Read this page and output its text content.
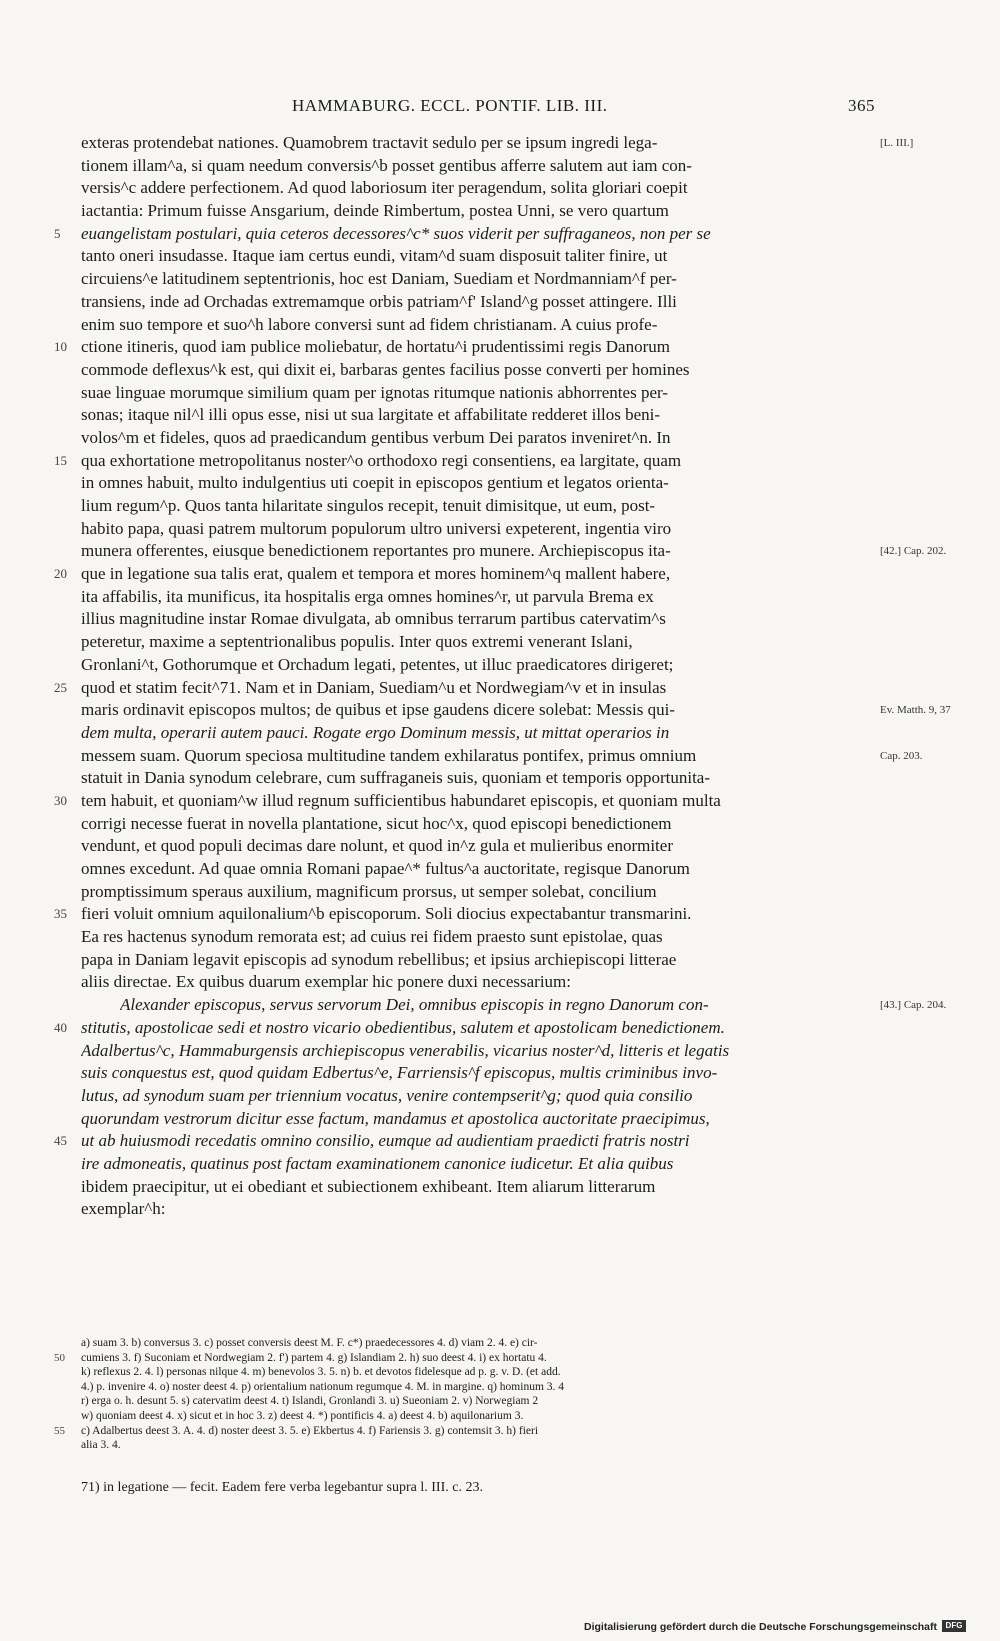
HAMMABURG. ECCL. PONTIF. LIB. III.	365
exteras protendebat nationes. Quamobrem tractavit sedulo per se ipsum ingredi lega-	[L. III.]
tionem illam^a, si quam needum conversis^b posset gentibus afferre salutem aut iam con-
versis^c addere perfectionem. Ad quod laboriosum iter peragendum, solita gloriari coepit
iactantia: Primum fuisse Ansgarium, deinde Rimbertum, postea Unni, se vero quartum
5	euangelistam postulari, quia ceteros decessores^c* suos viderit per suffraganeos, non per se
tanto oneri insudasse. Itaque iam certus eundi, vitam^d suam disposuit taliter finire, ut
circuiens^e latitudinem septentrionis, hoc est Daniam, Suediam et Nordmanniam^f per-
transiens, inde ad Orchadas extremamque orbis patriam^f' Island^g posset attingere. Illi
enim suo tempore et suo^h labore conversi sunt ad fidem christianam. A cuius profe-
10 ctione itineris, quod iam publice moliebatur, de hortatu^i prudentissimi regis Danorum
commode deflexus^k est, qui dixit ei, barbaras gentes facilius posse converti per homines
suae linguae morumque similium quam per ignotas ritumque nationis abhorrentes per-
sonas; itaque nil^l illi opus esse, nisi ut sua largitate et affabilitate redderet illos beni-
volos^m et fideles, quos ad praedicandum gentibus verbum Dei paratos inveniret^n. In
15 qua exhortatione metropolitanus noster^o orthodoxo regi consentiens, ea largitate, quam
in omnes habuit, multo indulgentius uti coepit in episcopos gentium et legatos orienta-
lium regum^p. Quos tanta hilaritate singulos recepit, tenuit dimisitque, ut eum, post-
habito papa, quasi patrem multorum populorum ultro universi expeterent, ingentia viro
munera offerentes, eiusque benedictionem reportantes pro munere. Archiepiscopus ita-	[42.] Cap. 202.
20 que in legatione sua talis erat, qualem et tempora et mores hominem^q mallent habere,
ita affabilis, ita munificus, ita hospitalis erga omnes homines^r, ut parvula Brema ex
illius magnitudine instar Romae divulgata, ab omnibus terrarum partibus catervatim^s
peteretur, maxime a septentrionalibus populis. Inter quos extremi venerant Islani,
Gronlani^t, Gothorumque et Orchadum legati, petentes, ut illuc praedicatores dirigeret;
25 quod et statim fecit^71. Nam et in Daniam, Suediam^u et Nordwegiam^v et in insulas
maris ordinavit episcopos multos; de quibus et ipse gaudens dicere solebat: Messis qui-	Ev. Matth. 9, 37
dem multa, operarii autem pauci. Rogate ergo Dominum messis, ut mittat operarios in
messem suam. Quorum speciosa multitudine tandem exhilaratus pontifex, primus omnium	Cap. 203.
statuit in Dania synodum celebrare, cum suffraganeis suis, quoniam et temporis opportunita-
30 tem habuit, et quoniam^w illud regnum sufficientibus habundaret episcopis, et quoniam multa
corrigi necesse fuerat in novella plantatione, sicut hoc^x, quod episcopi benedictionem
vendunt, et quod populi decimas dare nolunt, et quod in^z gula et mulieribus enormiter
omnes excedunt. Ad quae omnia Romani papae^* fultus^a auctoritate, regisque Danorum
promptissimum speraus auxilium, magnificum prorsus, ut semper solebat, concilium
35 fieri voluit omnium aquilonalium^b episcoporum. Soli diocius expectabantur transmarini.
Ea res hactenus synodum remorata est; ad cuius rei fidem praesto sunt epistolae, quas
papa in Daniam legavit episcopis ad synodum rebellibus; et ipsius archiepiscopi litterae
aliis directae. Ex quibus duarum exemplar hic ponere duxi necessarium:
Alexander episcopus, servus servorum Dei, omnibus episcopis in regno Danorum con-	[43.] Cap. 204.
40 stitutis, apostolicae sedi et nostro vicario obedientibus, salutem et apostolicam benedictionem.
Adalbertus^c, Hammaburgensis archiepiscopus venerabilis, vicarius noster^d, litteris et legatis
suis conquestus est, quod quidam Edbertus^e, Farriensis^f episcopus, multis criminibus invo-
lutus, ad synodum suam per triennium vocatus, venire contempserit^g; quod quia consilio
quorundam vestrorum dicitur esse factum, mandamus et apostolica auctoritate praecipimus,
45 ut ab huiusmodi recedatis omnino consilio, eumque ad audientiam praedicti fratris nostri
ire admoneatis, quatinus post factam examinationem canonice iudicetur. Et alia quibus
ibidem praecipitur, ut ei obediant et subiectionem exhibeant. Item aliarum litterarum
exemplar^h:
a) suam 3. b) conversus 3. c) posset conversis deest M. F. c*) praedecessores 4. d) viam 2. 4. e) cir-
50	cumiens 3. f) Suconiam et Nordwegiam 2. f') partem 4. g) Islandiam 2. h) suo deest 4. i) ex hortatu 4.
k) reflexus 2. 4. l) personas nilque 4. m) benevolos 3. 5. n) b. et devotos fidelesque ad p. g. v. D. (et add.
4.) p. invenire 4. o) noster deest 4. p) orientalium nationum regumque 4. M. in margine. q) hominum 3. 4
r) erga o. h. desunt 5. s) catervatim deest 4. t) Islandi, Gronlandi 3. u) Sueoniam 2. v) Norwegiam 2
w) quoniam deest 4. x) sicut et in hoc 3. z) deest 4. *) pontificis 4. a) deest 4. b) aquilonarium 3.
55	c) Adalbertus deest 3. A. 4. d) noster deest 3. 5. e) Ekbertus 4. f) Fariensis 3. g) contemsit 3. h) fieri
alia 3. 4.
71) in legatione — fecit. Eadem fere verba legebantur supra l. III. c. 23.
Digitalisierung gefördert durch die Deutsche Forschungsgemeinschaft	DFG
